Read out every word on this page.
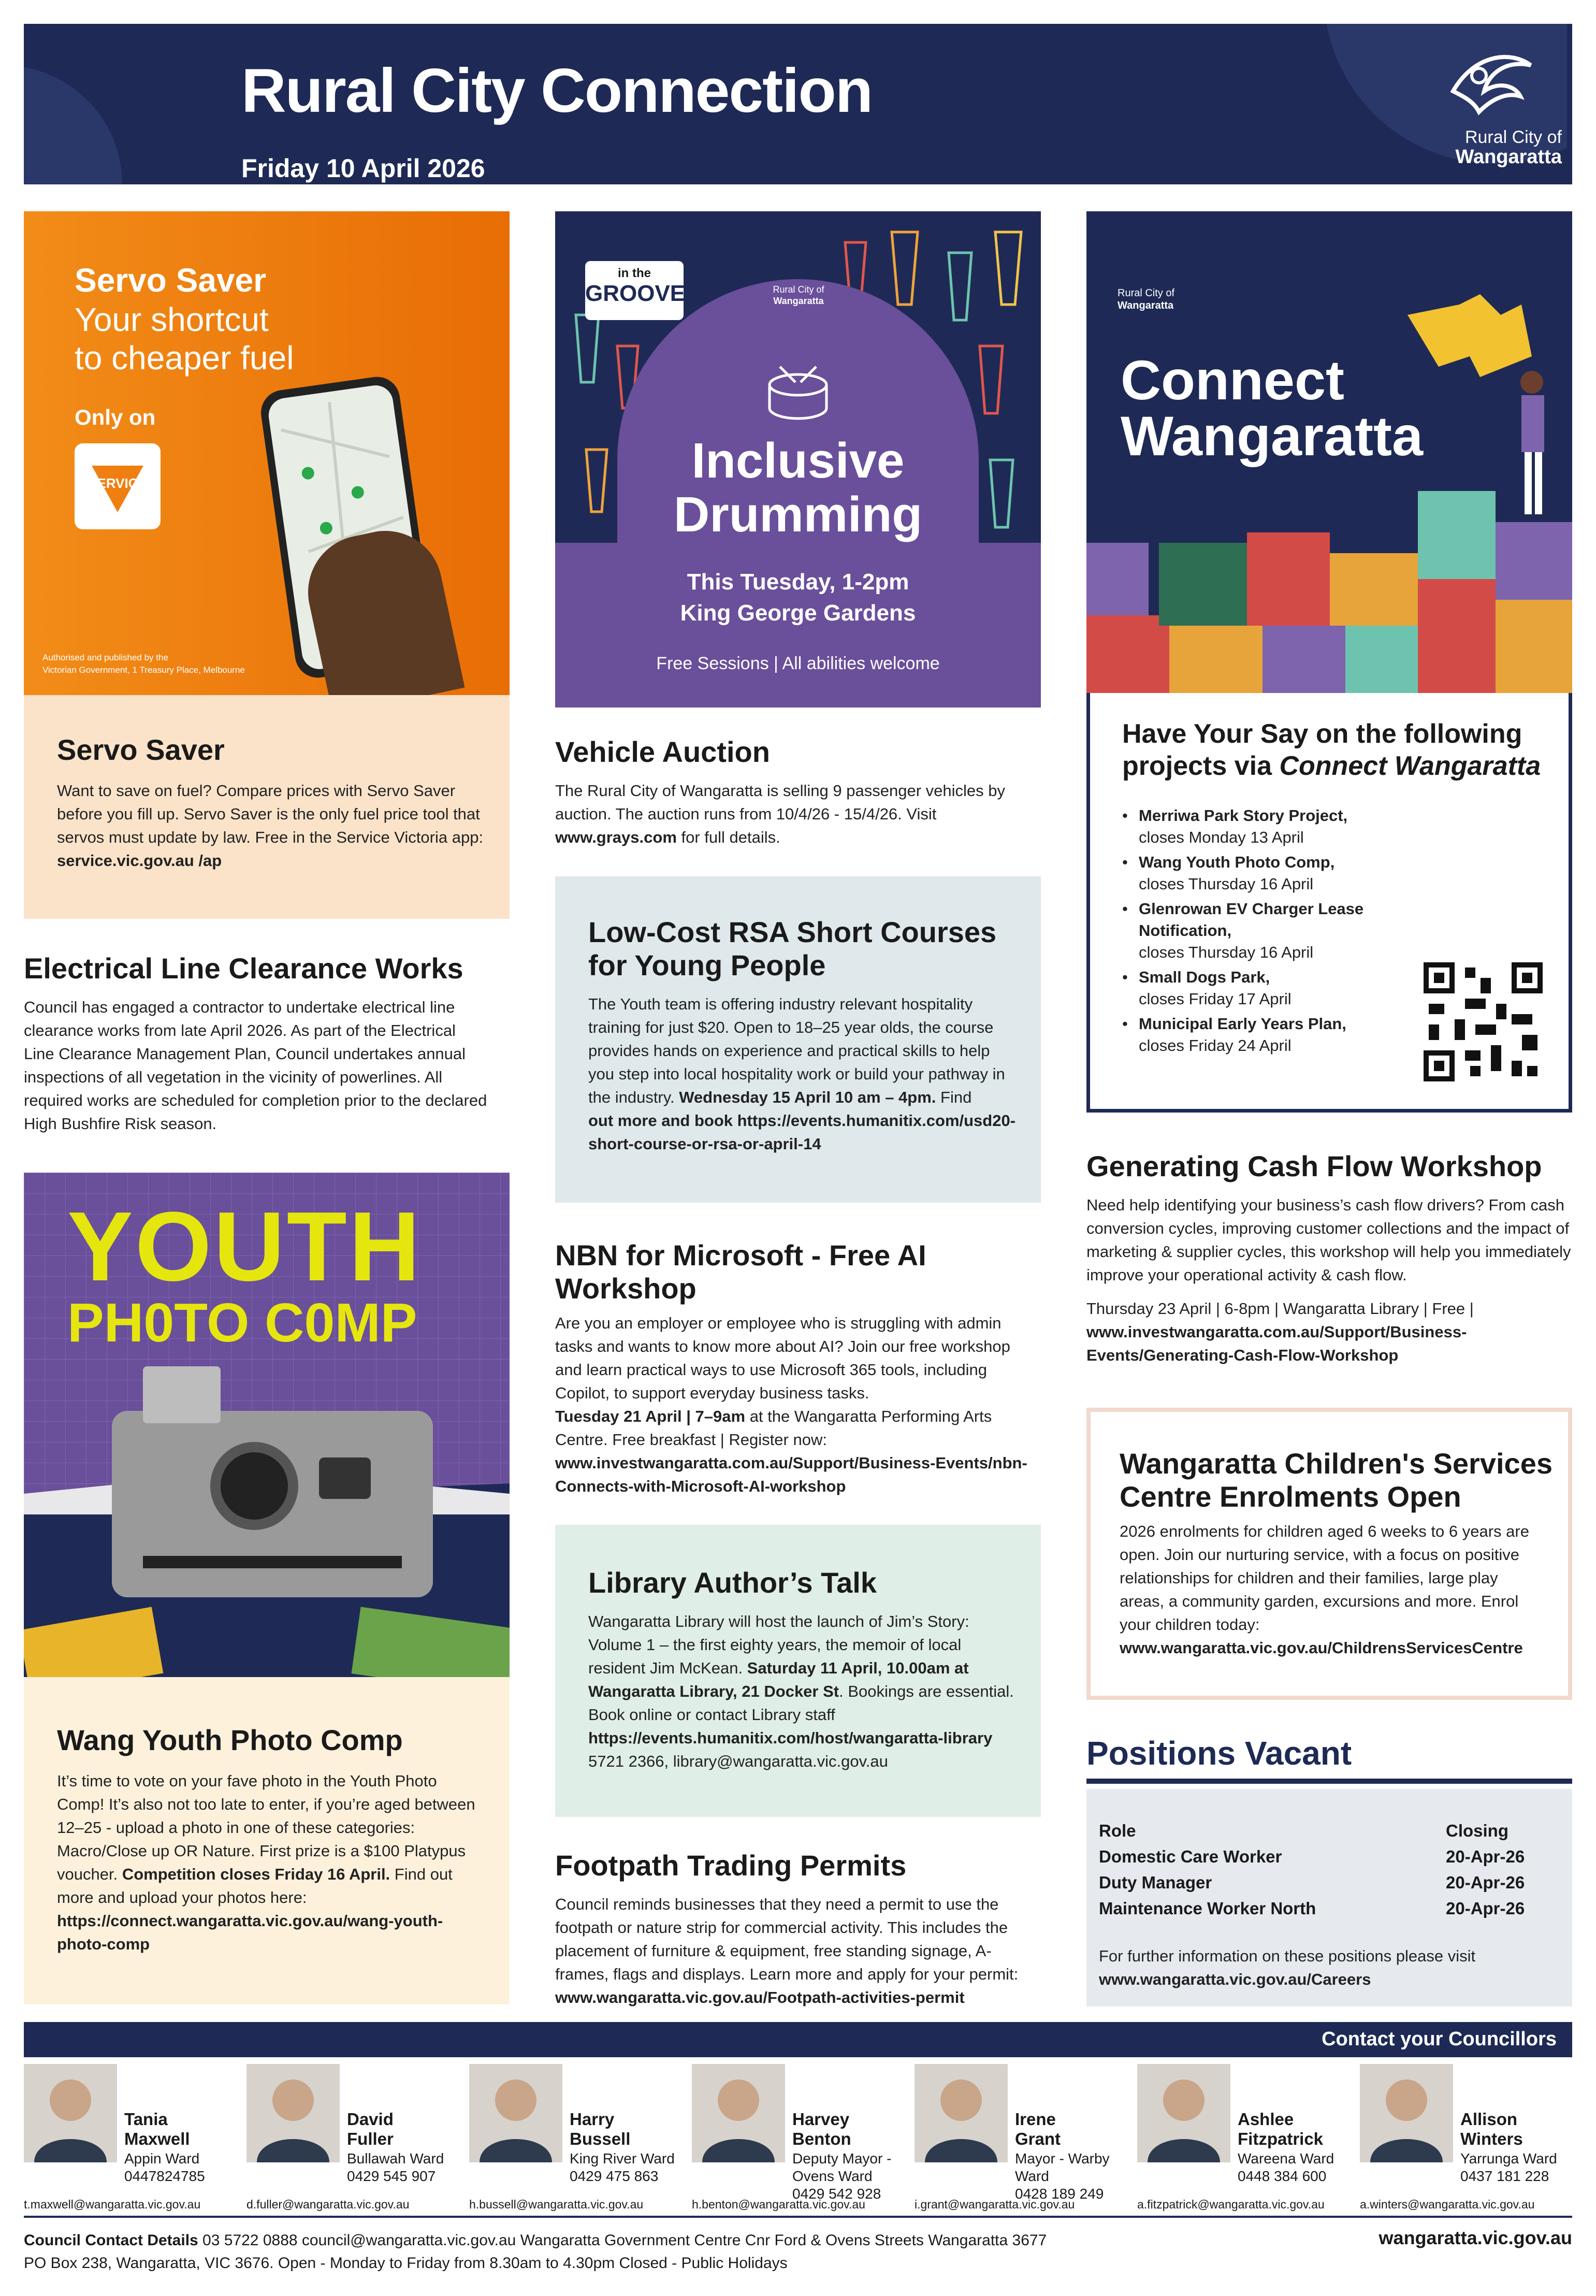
Rural City Connection
Friday 10 April 2026
Rural City of
Wangaratta
Servo Saver
Your shortcut
to cheaper fuel
Only on
SERVICE
Authorised and published by the
Victorian Government, 1 Treasury Place, Melbourne
Servo Saver
Want to save on fuel? Compare prices with Servo Saver before you fill up. Servo Saver is the only fuel price tool that servos must update by law. Free in the Service Victoria app: service.vic.gov.au /ap
Electrical Line Clearance Works
Council has engaged a contractor to undertake electrical line clearance works from late April 2026. As part of the Electrical Line Clearance Management Plan, Council undertakes annual inspections of all vegetation in the vicinity of powerlines. All required works are scheduled for completion prior to the declared High Bushfire Risk season.
YOUTH
PH0TO C0MP
Wang Youth Photo Comp
It’s time to vote on your fave photo in the Youth Photo Comp! It’s also not too late to enter, if you’re aged between 12–25 - upload a photo in one of these categories: Macro/Close up OR Nature. First prize is a $100 Platypus voucher. Competition closes Friday 16 April. Find out more and upload your photos here:
https://connect.wangaratta.vic.gov.au/wang-youth-photo-comp
in the
GROOVE	Rural City of
Wangaratta
Inclusive
Drumming
This Tuesday, 1-2pm
King George Gardens
Free Sessions | All abilities welcome
Vehicle Auction
The Rural City of Wangaratta is selling 9 passenger vehicles by auction. The auction runs from 10/4/26 - 15/4/26. Visit www.grays.com for full details.
Low-Cost RSA Short Courses
for Young People
The Youth team is offering industry relevant hospitality training for just $20. Open to 18–25 year olds, the course provides hands on experience and practical skills to help you step into local hospitality work or build your pathway in the industry. Wednesday 15 April 10 am – 4pm. Find
out more and book https://events.humanitix.com/usd20-short-course-or-rsa-or-april-14
NBN for Microsoft - Free AI
Workshop
Are you an employer or employee who is struggling with admin tasks and wants to know more about AI? Join our free workshop and learn practical ways to use Microsoft 365 tools, including Copilot, to support everyday business tasks.
Tuesday 21 April | 7–9am at the Wangaratta Performing Arts Centre. Free breakfast | Register now:
www.investwangaratta.com.au/Support/Business-Events/nbn-Connects-with-Microsoft-AI-workshop
Library Author’s Talk
Wangaratta Library will host the launch of Jim’s Story: Volume 1 – the first eighty years, the memoir of local resident Jim McKean. Saturday 11 April, 10.00am at Wangaratta Library, 21 Docker St. Bookings are essential. Book online or contact Library staff
https://events.humanitix.com/host/wangaratta-library
5721 2366, library@wangaratta.vic.gov.au
Footpath Trading Permits
Council reminds businesses that they need a permit to use the footpath or nature strip for commercial activity. This includes the placement of furniture & equipment, free standing signage, A-frames, flags and displays. Learn more and apply for your permit:
www.wangaratta.vic.gov.au/Footpath-activities-permit
Rural City of
Wangaratta
Connect
Wangaratta
Have Your Say on the following
projects via Connect Wangaratta
• Merriwa Park Story Project,
closes Monday 13 April
• Wang Youth Photo Comp,
closes Thursday 16 April
• Glenrowan EV Charger Lease Notification,
closes Thursday 16 April
• Small Dogs Park,
closes Friday 17 April
• Municipal Early Years Plan,
closes Friday 24 April
Generating Cash Flow Workshop
Need help identifying your business’s cash flow drivers? From cash conversion cycles, improving customer collections and the impact of marketing & supplier cycles, this workshop will help you immediately improve your operational activity & cash flow.
Thursday 23 April | 6-8pm | Wangaratta Library | Free |
www.investwangaratta.com.au/Support/Business-Events/Generating-Cash-Flow-Workshop
Wangaratta Children's Services
Centre Enrolments Open
2026 enrolments for children aged 6 weeks to 6 years are open. Join our nurturing service, with a focus on positive relationships for children and their families, large play areas, a community garden, excursions and more. Enrol your children today:
www.wangaratta.vic.gov.au/ChildrensServicesCentre
Positions Vacant
Role	Closing
Domestic Care Worker	20-Apr-26
Duty Manager	20-Apr-26
Maintenance Worker North	20-Apr-26
For further information on these positions please visit
www.wangaratta.vic.gov.au/Careers
Contact your Councillors
Tania
Maxwell
Appin Ward
0447824785
t.maxwell@wangaratta.vic.gov.au
David
Fuller
Bullawah Ward
0429 545 907
d.fuller@wangaratta.vic.gov.au
Harry
Bussell
King River Ward
0429 475 863
h.bussell@wangaratta.vic.gov.au
Harvey
Benton
Deputy Mayor - Ovens Ward
0429 542 928
h.benton@wangaratta.vic.gov.au
Irene
Grant
Mayor - Warby Ward
0428 189 249
i.grant@wangaratta.vic.gov.au
Ashlee
Fitzpatrick
Wareena Ward
0448 384 600
a.fitzpatrick@wangaratta.vic.gov.au
Allison
Winters
Yarrunga Ward
0437 181 228
a.winters@wangaratta.vic.gov.au
Council Contact Details 03 5722 0888 council@wangaratta.vic.gov.au Wangaratta Government Centre Cnr Ford & Ovens Streets Wangaratta 3677
PO Box 238, Wangaratta, VIC 3676. Open - Monday to Friday from 8.30am to 4.30pm Closed - Public Holidays
wangaratta.vic.gov.au
